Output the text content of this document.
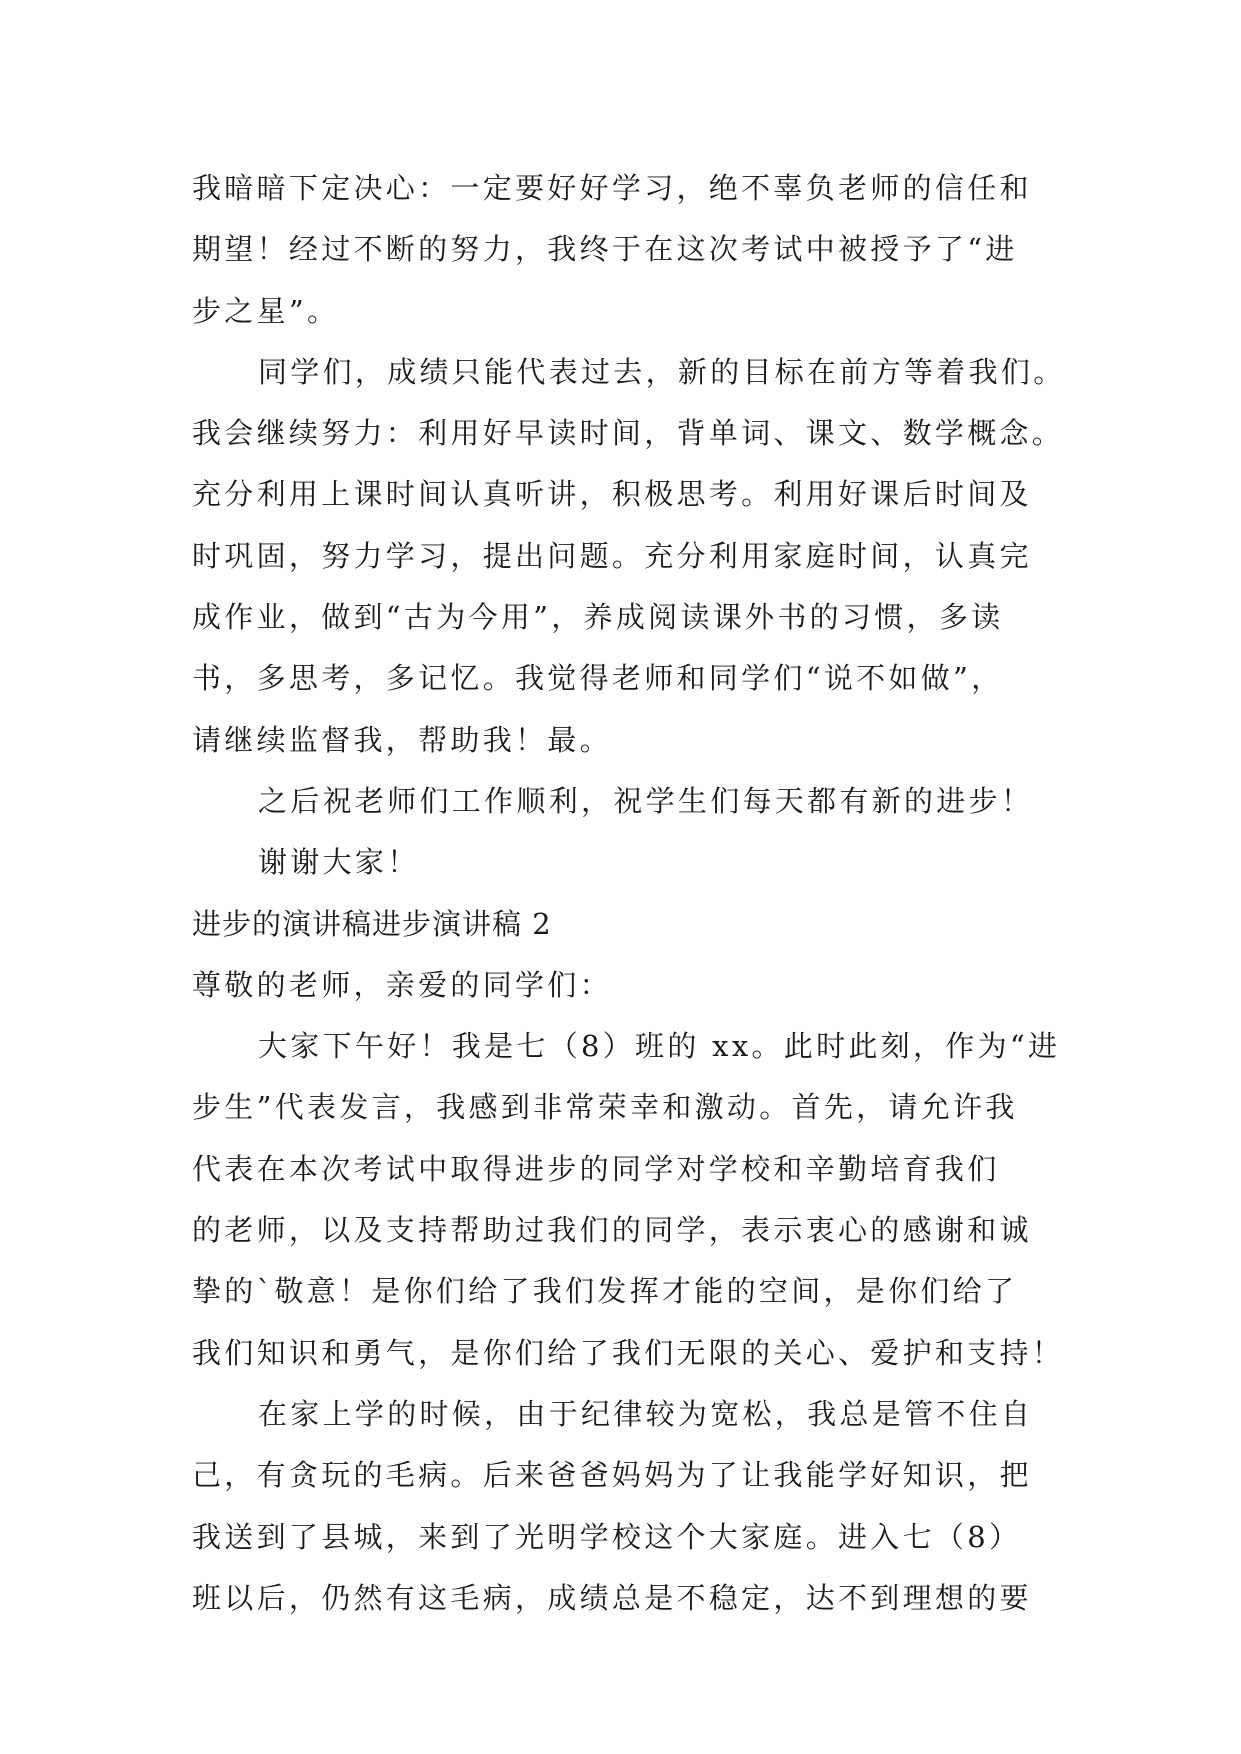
我暗暗下定决心：一定要好好学习，绝不辜负老师的信任和

期望！经过不断的努力，我终于在这次考试中被授予了“进

步之星”。

同学们，成绩只能代表过去，新的目标在前方等着我们。

我会继续努力：利用好早读时间，背单词、课文、数学概念。

充分利用上课时间认真听讲，积极思考。利用好课后时间及

时巩固，努力学习，提出问题。充分利用家庭时间，认真完

成作业，做到“古为今用”，养成阅读课外书的习惯，多读

书，多思考，多记忆。我觉得老师和同学们“说不如做”，

请继续监督我，帮助我！最。

之后祝老师们工作顺利，祝学生们每天都有新的进步！

谢谢大家！

进步的演讲稿进步演讲稿 2

尊敬的老师，亲爱的同学们：

大家下午好！我是七（8）班的 xx。此时此刻，作为“进

步生”代表发言，我感到非常荣幸和激动。首先，请允许我

代表在本次考试中取得进步的同学对学校和辛勤培育我们

的老师，以及支持帮助过我们的同学，表示衷心的感谢和诚

挚的`敬意！是你们给了我们发挥才能的空间，是你们给了

我们知识和勇气，是你们给了我们无限的关心、爱护和支持！

在家上学的时候，由于纪律较为宽松，我总是管不住自

己，有贪玩的毛病。后来爸爸妈妈为了让我能学好知识，把

我送到了县城，来到了光明学校这个大家庭。进入七（8）

班以后，仍然有这毛病，成绩总是不稳定，达不到理想的要
